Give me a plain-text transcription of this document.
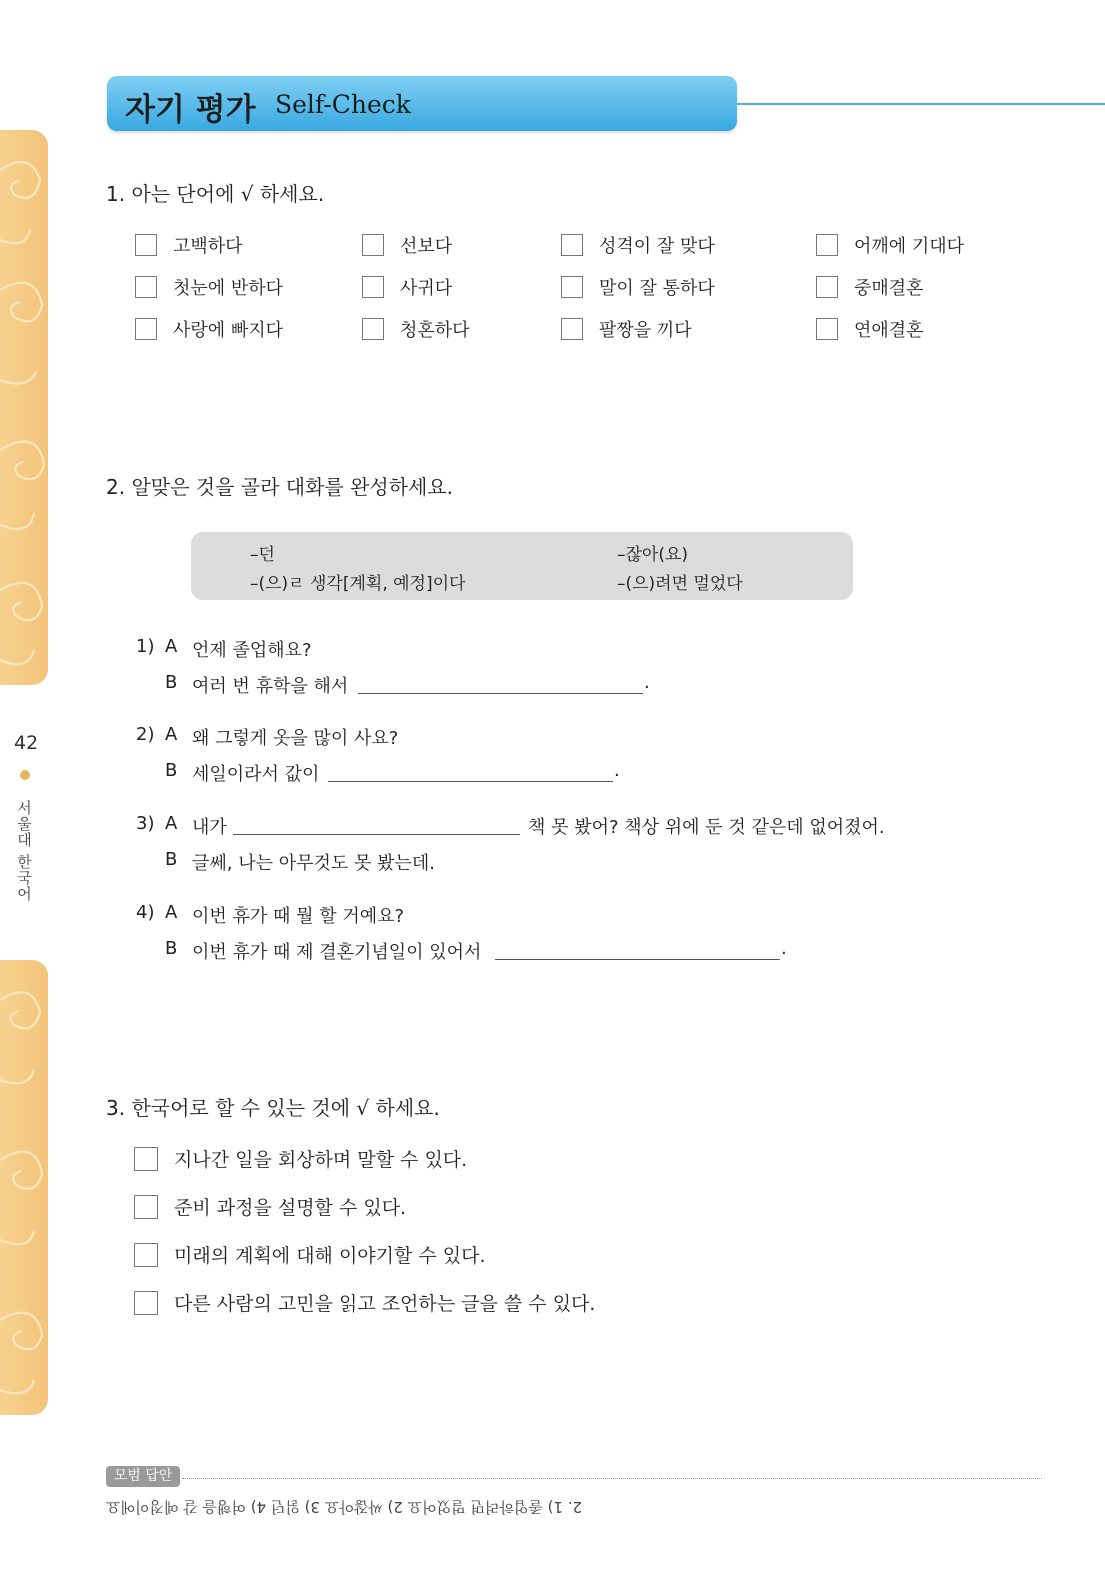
42
서울대 한국어
자기 평가 Self-Check
1. 아는 단어에 √ 하세요.
고백하다	선보다	성격이 잘 맞다	어깨에 기대다
첫눈에 반하다	사귀다	말이 잘 통하다	중매결혼
사랑에 빠지다	청혼하다	팔짱을 끼다	연애결혼
2. 알맞은 것을 골라 대화를 완성하세요.
–던	–잖아(요)
–(으)ㄹ 생각[계획, 예정]이다	–(으)려면 멀었다
1) A 언제 졸업해요?
B 여러 번 휴학을 해서	.
2) A 왜 그렇게 옷을 많이 사요?
B 세일이라서 값이	.
3) A 내가	책 못 봤어? 책상 위에 둔 것 같은데 없어졌어.
B 글쎄, 나는 아무것도 못 봤는데.
4) A 이번 휴가 때 뭘 할 거예요?
B 이번 휴가 때 제 결혼기념일이 있어서	.
3. 한국어로 할 수 있는 것에 √ 하세요.
지나간 일을 회상하며 말할 수 있다.
준비 과정을 설명할 수 있다.
미래의 계획에 대해 이야기할 수 있다.
다른 사람의 고민을 읽고 조언하는 글을 쓸 수 있다.
모범 답안
2. 1) 졸업하려면 멀었어요 2) 싸잖아요 3) 읽던 4) 여행을 갈 예정이에요
